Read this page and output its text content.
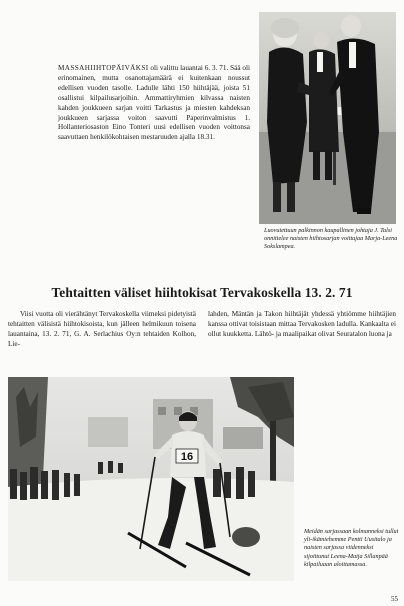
MASSAHIIHTOPÄIVÄKSI oli valittu lauantai 6. 3. 71. Sää oli erinomainen, mutta osanottajamäärä ei kuitenkaan noussut edellisen vuoden tasolle. Ladulle lähti 150 hiihtäjää, joista 51 osallistui kilpailusarjoihin. Ammattiryhmien kilvassa naisten kahden joukkueen sarjan voitti Tarkastus ja miesten kahdeksan joukkueen sarjassa voiton saavutti Paperinvalmistus 1. Hollanteriosaston Eino Tonteri uusi edellisen vuoden voittonsa saavuttaen henkilökohtaisen mestaruuden ajalla 18.31.

Luovutettuun palkinnon kaupallinen johtaja J. Talsi onnittelee naisten hiihtosarjan voittajaa Marja-Leena Sokslampea.

Tehtaitten väliset hiihtokisat Tervakoskella 13. 2. 71

Viisi vuotta oli vierähtänyt Tervakoskella viimeksi pidetyistä tehtaitten välisistä hiihtokisoista, kun jälleen helmikuun toisena lauantaina, 13. 2. 71, G. A. Serlachius Oy:n tehtaiden Kolhon, Lie-

lahden, Mäntän ja Takon hiihtäjät yhdessä yhtiömme hiihtäjien kanssa ottivat toisistaan mittaa Tervakosken ladulla. Kankaalta ei ollut kuukketta. Lähtö- ja maalipaikat olivat Seuratalon luona ja

16

Meidän sarjassaan kolmanneksi tullut yli-ikämiehemme Pentti Uusitalo ja naisten sarjassa viidenneksi sijoittunut Leena-Maija Sillanpää kilpailuaan aloittamassa.

55
